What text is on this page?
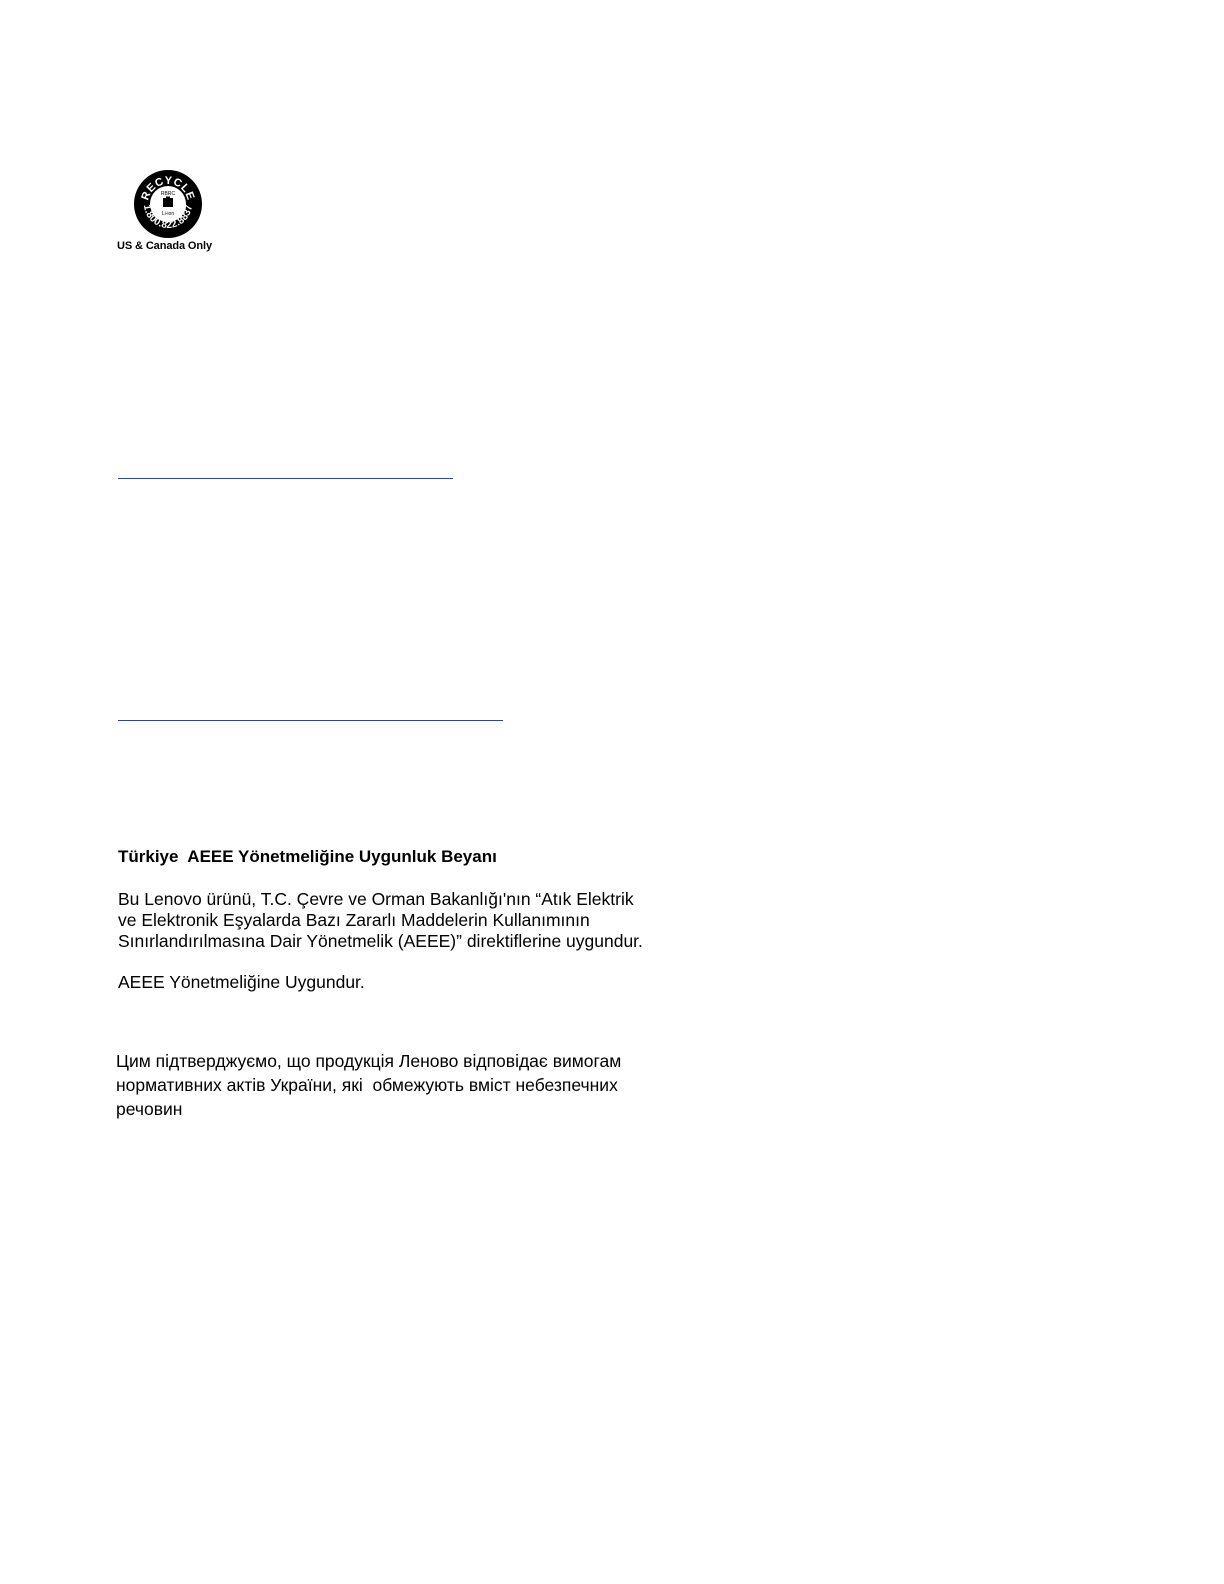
RECYCLE
1.800.822.8837
RBRC
Li-ion
US & Canada Only
Türkiye  AEEE Yönetmeliğine Uygunluk Beyanı
Bu Lenovo ürünü, T.C. Çevre ve Orman Bakanlığı'nın “Atık Elektrik
ve Elektronik Eşyalarda Bazı Zararlı Maddelerin Kullanımının
Sınırlandırılmasına Dair Yönetmelik (AEEE)” direktiflerine uygundur.
AEEE Yönetmeliğine Uygundur.
Цим підтверджуємо, що продукція Леново відповідає вимогам
нормативних актів України, які  обмежують вміст небезпечних
речовин
